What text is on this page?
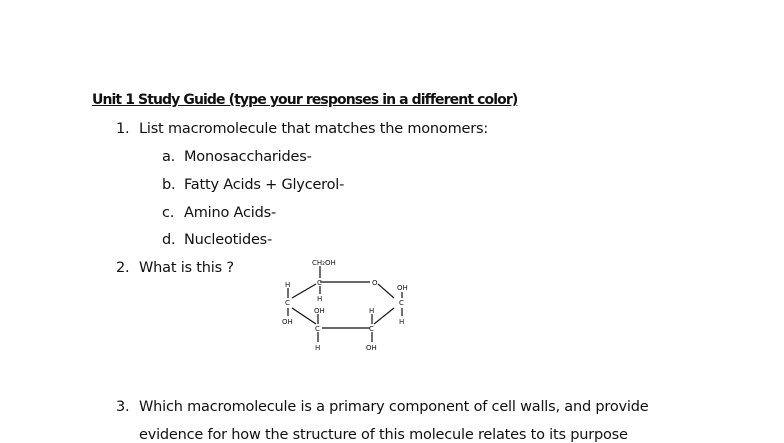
Unit 1 Study Guide (type your responses in a different color)
1. List macromolecule that matches the monomers:
a. Monosaccharides-
b. Fatty Acids + Glycerol-
c. Amino Acids-
d. Nucleotides-
2. What is this ?	CH₂OH
O
C
H
OH
H
C
OH
OH
C
H
H
C
OH
C
H
3. Which macromolecule is a primary component of cell walls, and provide
evidence for how the structure of this molecule relates to its purpose
